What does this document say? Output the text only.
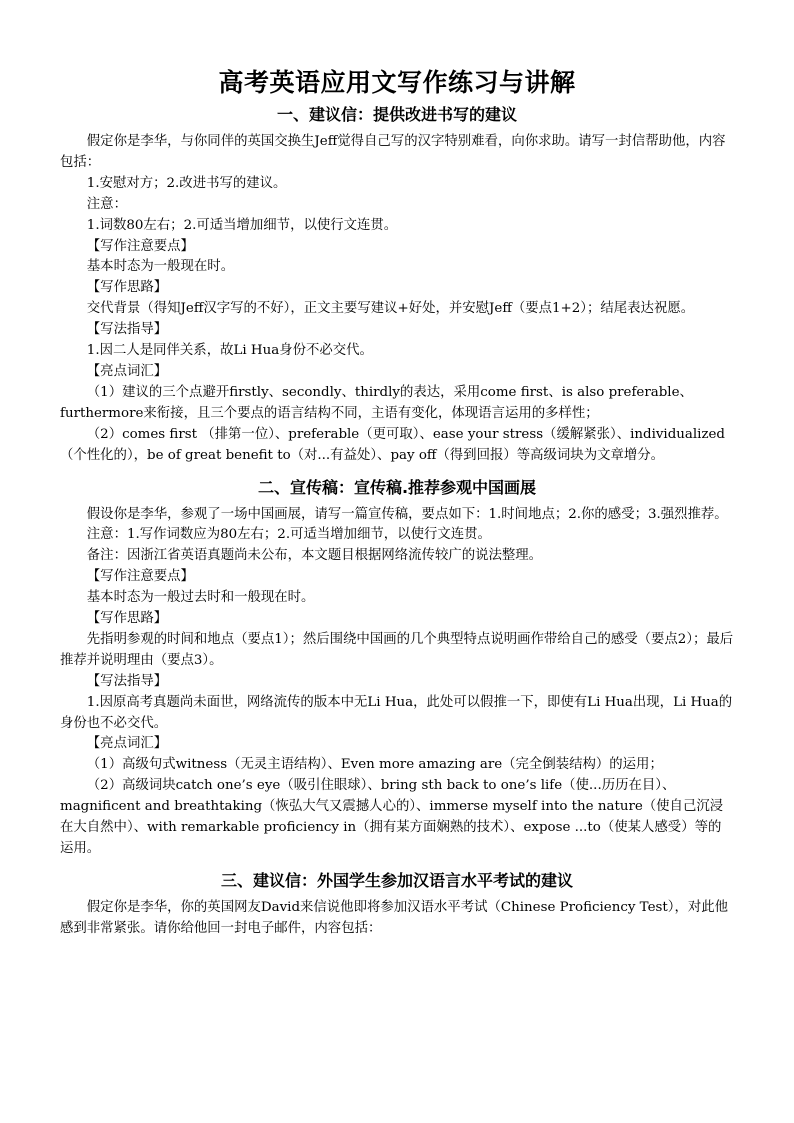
高考英语应用文写作练习与讲解
一、建议信：提供改进书写的建议

假定你是李华，与你同伴的英国交换生Jeff觉得自己写的汉字特别难看，向你求助。请写一封信帮助他，内容包括：

1.安慰对方；2.改进书写的建议。

注意：

1.词数80左右；2.可适当增加细节，以使行文连贯。

【写作注意要点】

基本时态为一般现在时。

【写作思路】

交代背景（得知Jeff汉字写的不好），正文主要写建议+好处，并安慰Jeff（要点1+2）；结尾表达祝愿。

【写法指导】

1.因二人是同伴关系，故Li Hua身份不必交代。

【亮点词汇】

（1）建议的三个点避开firstly、secondly、thirdly的表达，采用come first、is also preferable、furthermore来衔接，且三个要点的语言结构不同，主语有变化，体现语言运用的多样性；

（2）comes first （排第一位）、preferable（更可取）、ease your stress（缓解紧张）、individualized（个性化的），be of great benefit to（对...有益处）、pay off（得到回报）等高级词块为文章增分。

二、宣传稿：宣传稿.推荐参观中国画展

假设你是李华，参观了一场中国画展，请写一篇宣传稿，要点如下：1.时间地点；2.你的感受；3.强烈推荐。

注意：1.写作词数应为80左右；2.可适当增加细节，以使行文连贯。

备注：因浙江省英语真题尚未公布，本文题目根据网络流传较广的说法整理。

【写作注意要点】

基本时态为一般过去时和一般现在时。

【写作思路】

先指明参观的时间和地点（要点1）；然后围绕中国画的几个典型特点说明画作带给自己的感受（要点2）；最后推荐并说明理由（要点3）。

【写法指导】

1.因原高考真题尚未面世，网络流传的版本中无Li Hua，此处可以假推一下，即使有Li Hua出现，Li Hua的身份也不必交代。

【亮点词汇】

（1）高级句式witness（无灵主语结构）、Even more amazing are（完全倒装结构）的运用；

（2）高级词块catch one’s eye（吸引住眼球）、bring sth back to one’s life（使...历历在目）、magnificent and breathtaking（恢弘大气又震撼人心的）、immerse myself into the nature（使自己沉浸在大自然中）、with remarkable proficiency in（拥有某方面娴熟的技术）、expose ...to（使某人感受）等的运用。

三、建议信：外国学生参加汉语言水平考试的建议

假定你是李华，你的英国网友David来信说他即将参加汉语水平考试（Chinese Proficiency Test），对此他感到非常紧张。请你给他回一封电子邮件，内容包括：
